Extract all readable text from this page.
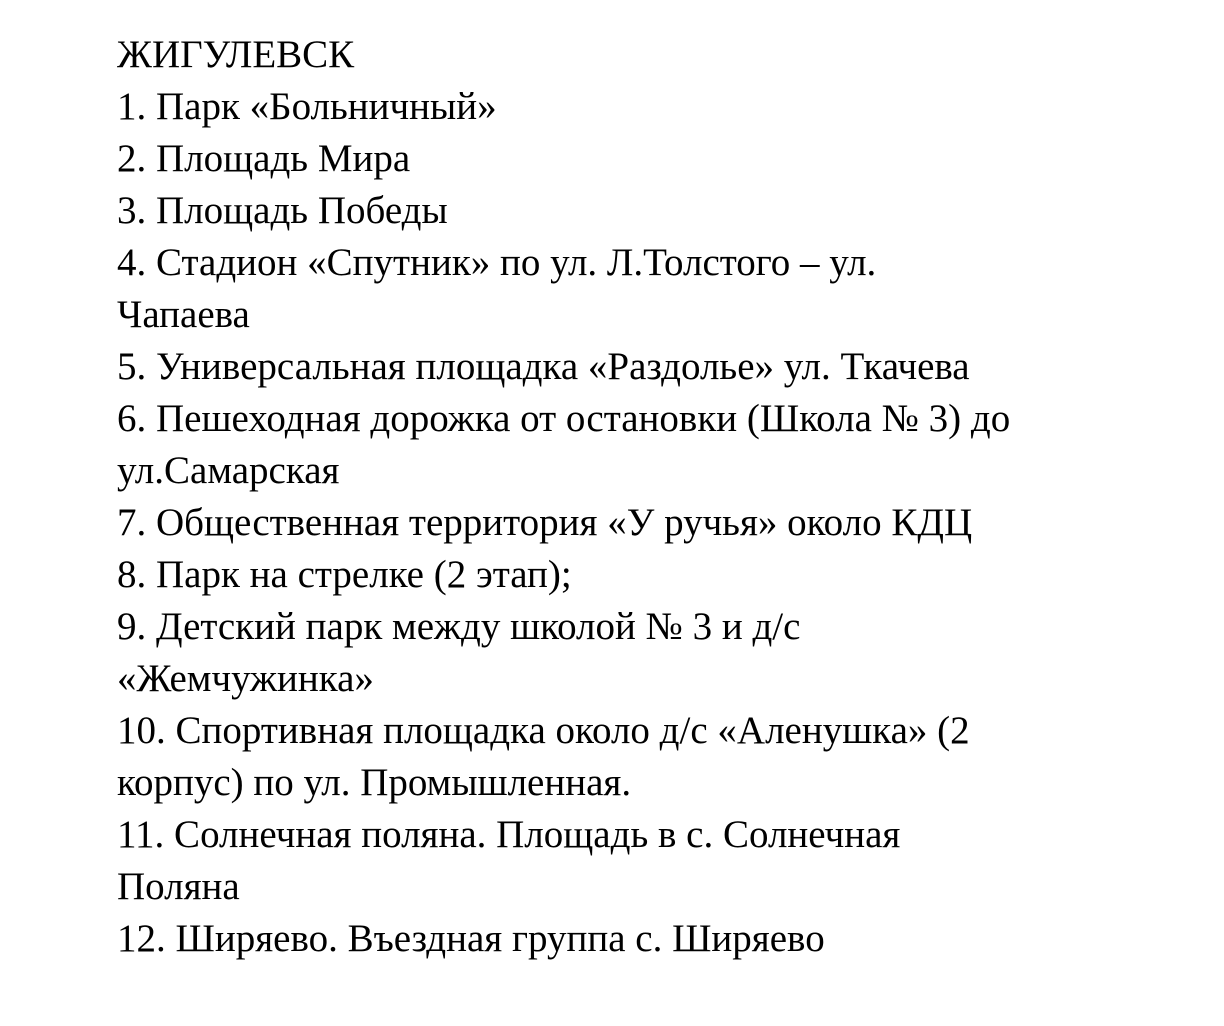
ЖИГУЛЕВСК
1. Парк «Больничный»
2. Площадь Мира
3. Площадь Победы
4. Стадион «Спутник» по ул. Л.Толстого – ул.
Чапаева
5. Универсальная площадка «Раздолье» ул. Ткачева
6. Пешеходная дорожка от остановки (Школа № 3) до
ул.Самарская
7. Общественная территория «У ручья» около КДЦ
8. Парк на стрелке (2 этап);
9. Детский парк между школой № 3 и д/с
«Жемчужинка»
10. Спортивная площадка около д/с «Аленушка» (2
корпус) по ул. Промышленная.
11. Солнечная поляна. Площадь в с. Солнечная
Поляна
12. Ширяево. Въездная группа с. Ширяево
